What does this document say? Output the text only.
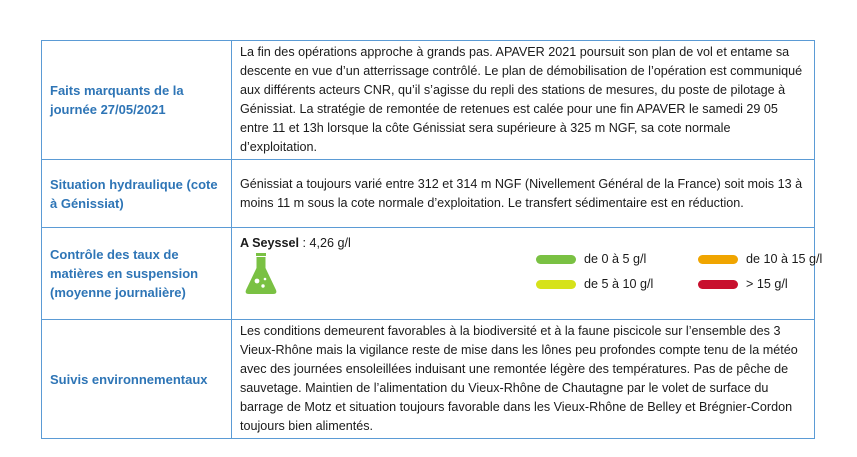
Faits marquants de la journée 27/05/2021	La fin des opérations approche à grands pas. APAVER 2021 poursuit son plan de vol et entame sa descente en vue d’un atterrissage contrôlé. Le plan de démobilisation de l’opération est communiqué aux différents acteurs CNR, qu’il s’agisse du repli des stations de mesures, du poste de pilotage à Génissiat. La stratégie de remontée de retenues est calée pour une fin APAVER le samedi 29 05 entre 11 et 13h lorsque la côte Génissiat sera supérieure à 325 m NGF, sa cote normale d’exploitation.
Situation hydraulique (cote à Génissiat)	Génissiat a toujours varié entre 312 et 314 m NGF (Nivellement Général de la France) soit mois 13 à moins 11 m sous la cote normale d’exploitation. Le transfert sédimentaire est en réduction.
Contrôle des taux de matières en suspension (moyenne journalière)	A Seyssel : 4,26 g/l
de 0 à 5 g/l de 10 à 15 g/l
de 5 à 10 g/l > 15 g/l

Suivis environnementaux	Les conditions demeurent favorables à la biodiversité et à la faune piscicole sur l’ensemble des 3 Vieux-Rhône mais la vigilance reste de mise dans les lônes peu profondes compte tenu de la météo avec des journées ensoleillées induisant une remontée légère des températures. Pas de pêche de sauvetage. Maintien de l’alimentation du Vieux-Rhône de Chautagne par le volet de surface du barrage de Motz et situation toujours favorable dans les Vieux-Rhône de Belley et Brégnier-Cordon toujours bien alimentés.
